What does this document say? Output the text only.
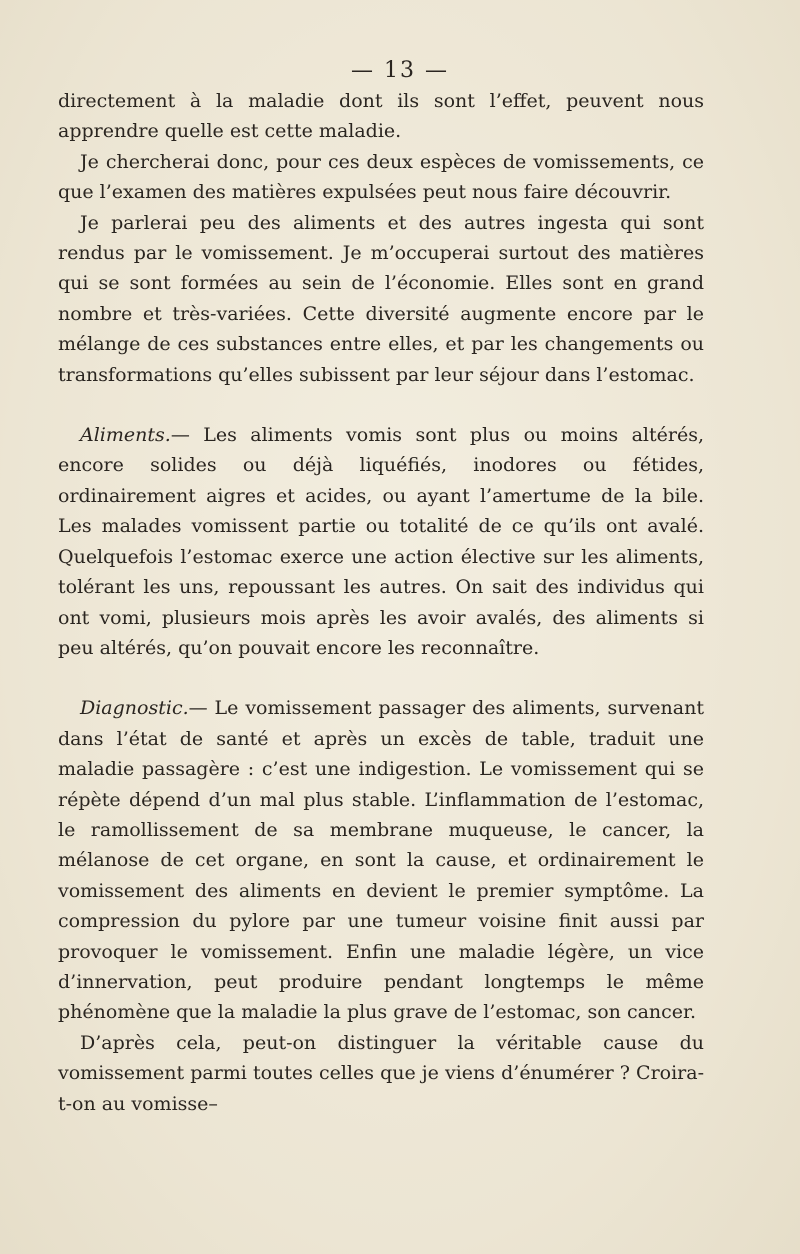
— 13 —

directement à la maladie dont ils sont l’effet, peuvent nous apprendre quelle est cette maladie.

Je chercherai donc, pour ces deux espèces de vomissements, ce que l’examen des matières expulsées peut nous faire découvrir.

Je parlerai peu des aliments et des autres ingesta qui sont rendus par le vomissement. Je m’occuperai surtout des matières qui se sont formées au sein de l’économie. Elles sont en grand nombre et très-variées. Cette diversité augmente encore par le mélange de ces substances entre elles, et par les changements ou transformations qu’elles subissent par leur séjour dans l’estomac.

Aliments.— Les aliments vomis sont plus ou moins altérés, encore solides ou déjà liquéfiés, inodores ou fétides, ordinairement aigres et acides, ou ayant l’amertume de la bile. Les malades vomissent partie ou totalité de ce qu’ils ont avalé. Quelquefois l’estomac exerce une action élective sur les aliments, tolérant les uns, repoussant les autres. On sait des individus qui ont vomi, plusieurs mois après les avoir avalés, des aliments si peu altérés, qu’on pouvait encore les reconnaître.

Diagnostic.— Le vomissement passager des aliments, survenant dans l’état de santé et après un excès de table, traduit une maladie passagère : c’est une indigestion. Le vomissement qui se répète dépend d’un mal plus stable. L’inflammation de l’estomac, le ramollissement de sa membrane muqueuse, le cancer, la mélanose de cet organe, en sont la cause, et ordinairement le vomissement des aliments en devient le premier symptôme. La compression du pylore par une tumeur voisine finit aussi par provoquer le vomissement. Enfin une maladie légère, un vice d’innervation, peut produire pendant longtemps le même phénomène que la maladie la plus grave de l’estomac, son cancer.

D’après cela, peut-on distinguer la véritable cause du vomissement parmi toutes celles que je viens d’énumérer ? Croira-t-on au vomisse–
